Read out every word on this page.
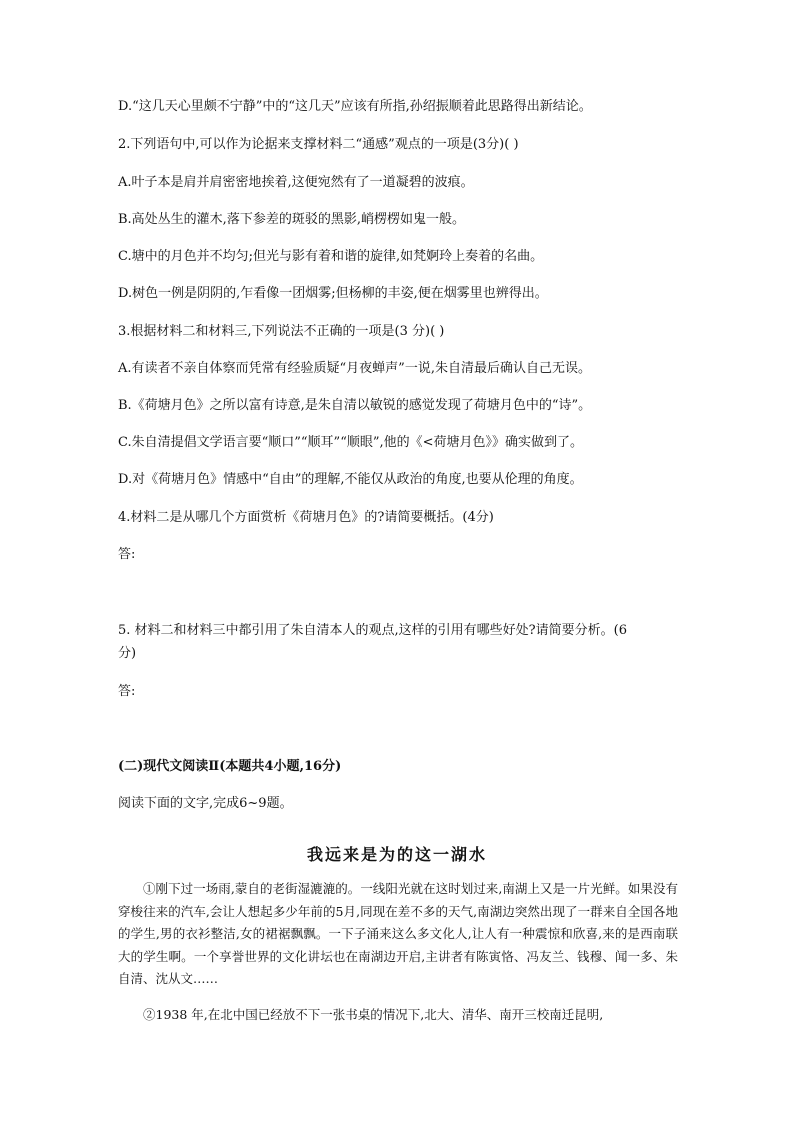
D.“这几天心里颇不宁静”中的“这几天”应该有所指,孙绍振顺着此思路得出新结论。
2.下列语句中,可以作为论据来支撑材料二“通感”观点的一项是(3分)( )
A.叶子本是肩并肩密密地挨着,这便宛然有了一道凝碧的波痕。
B.高处丛生的灌木,落下参差的斑驳的黑影,峭楞楞如鬼一般。
C.塘中的月色并不均匀;但光与影有着和谐的旋律,如梵婀玲上奏着的名曲。
D.树色一例是阴阴的,乍看像一团烟雾;但杨柳的丰姿,便在烟雾里也辨得出。
3.根据材料二和材料三,下列说法不正确的一项是(3 分)( )
A.有读者不亲自体察而凭常有经验质疑“月夜蝉声”一说,朱自清最后确认自己无误。
B.《荷塘月色》之所以富有诗意,是朱自清以敏锐的感觉发现了荷塘月色中的“诗”。
C.朱自清提倡文学语言要“顺口”“顺耳”“顺眼”,他的《<荷塘月色》》确实做到了。
D.对《荷塘月色》情感中“自由”的理解,不能仅从政治的角度,也要从伦理的角度。
4.材料二是从哪几个方面赏析《荷塘月色》的?请简要概括。(4分)
答:
5. 材料二和材料三中都引用了朱自清本人的观点,这样的引用有哪些好处?请简要分析。(6
分)
答:
(二)现代文阅读Ⅱ(本题共4小题,16分)
阅读下面的文字,完成6~9题。
我远来是为的这一湖水
①刚下过一场雨,蒙自的老街湿漉漉的。一线阳光就在这时划过来,南湖上又是一片光鲜。如果没有穿梭往来的汽车,会让人想起多少年前的5月,同现在差不多的天气,南湖边突然出现了一群来自全国各地的学生,男的衣衫整洁,女的裙裾飘飘。一下子涌来这么多文化人,让人有一种震惊和欣喜,来的是西南联大的学生啊。一个享誉世界的文化讲坛也在南湖边开启,主讲者有陈寅恪、冯友兰、钱穆、闻一多、朱自清、沈从文……
②1938 年,在北中国已经放不下一张书桌的情况下,北大、清华、南开三校南迁昆明,
